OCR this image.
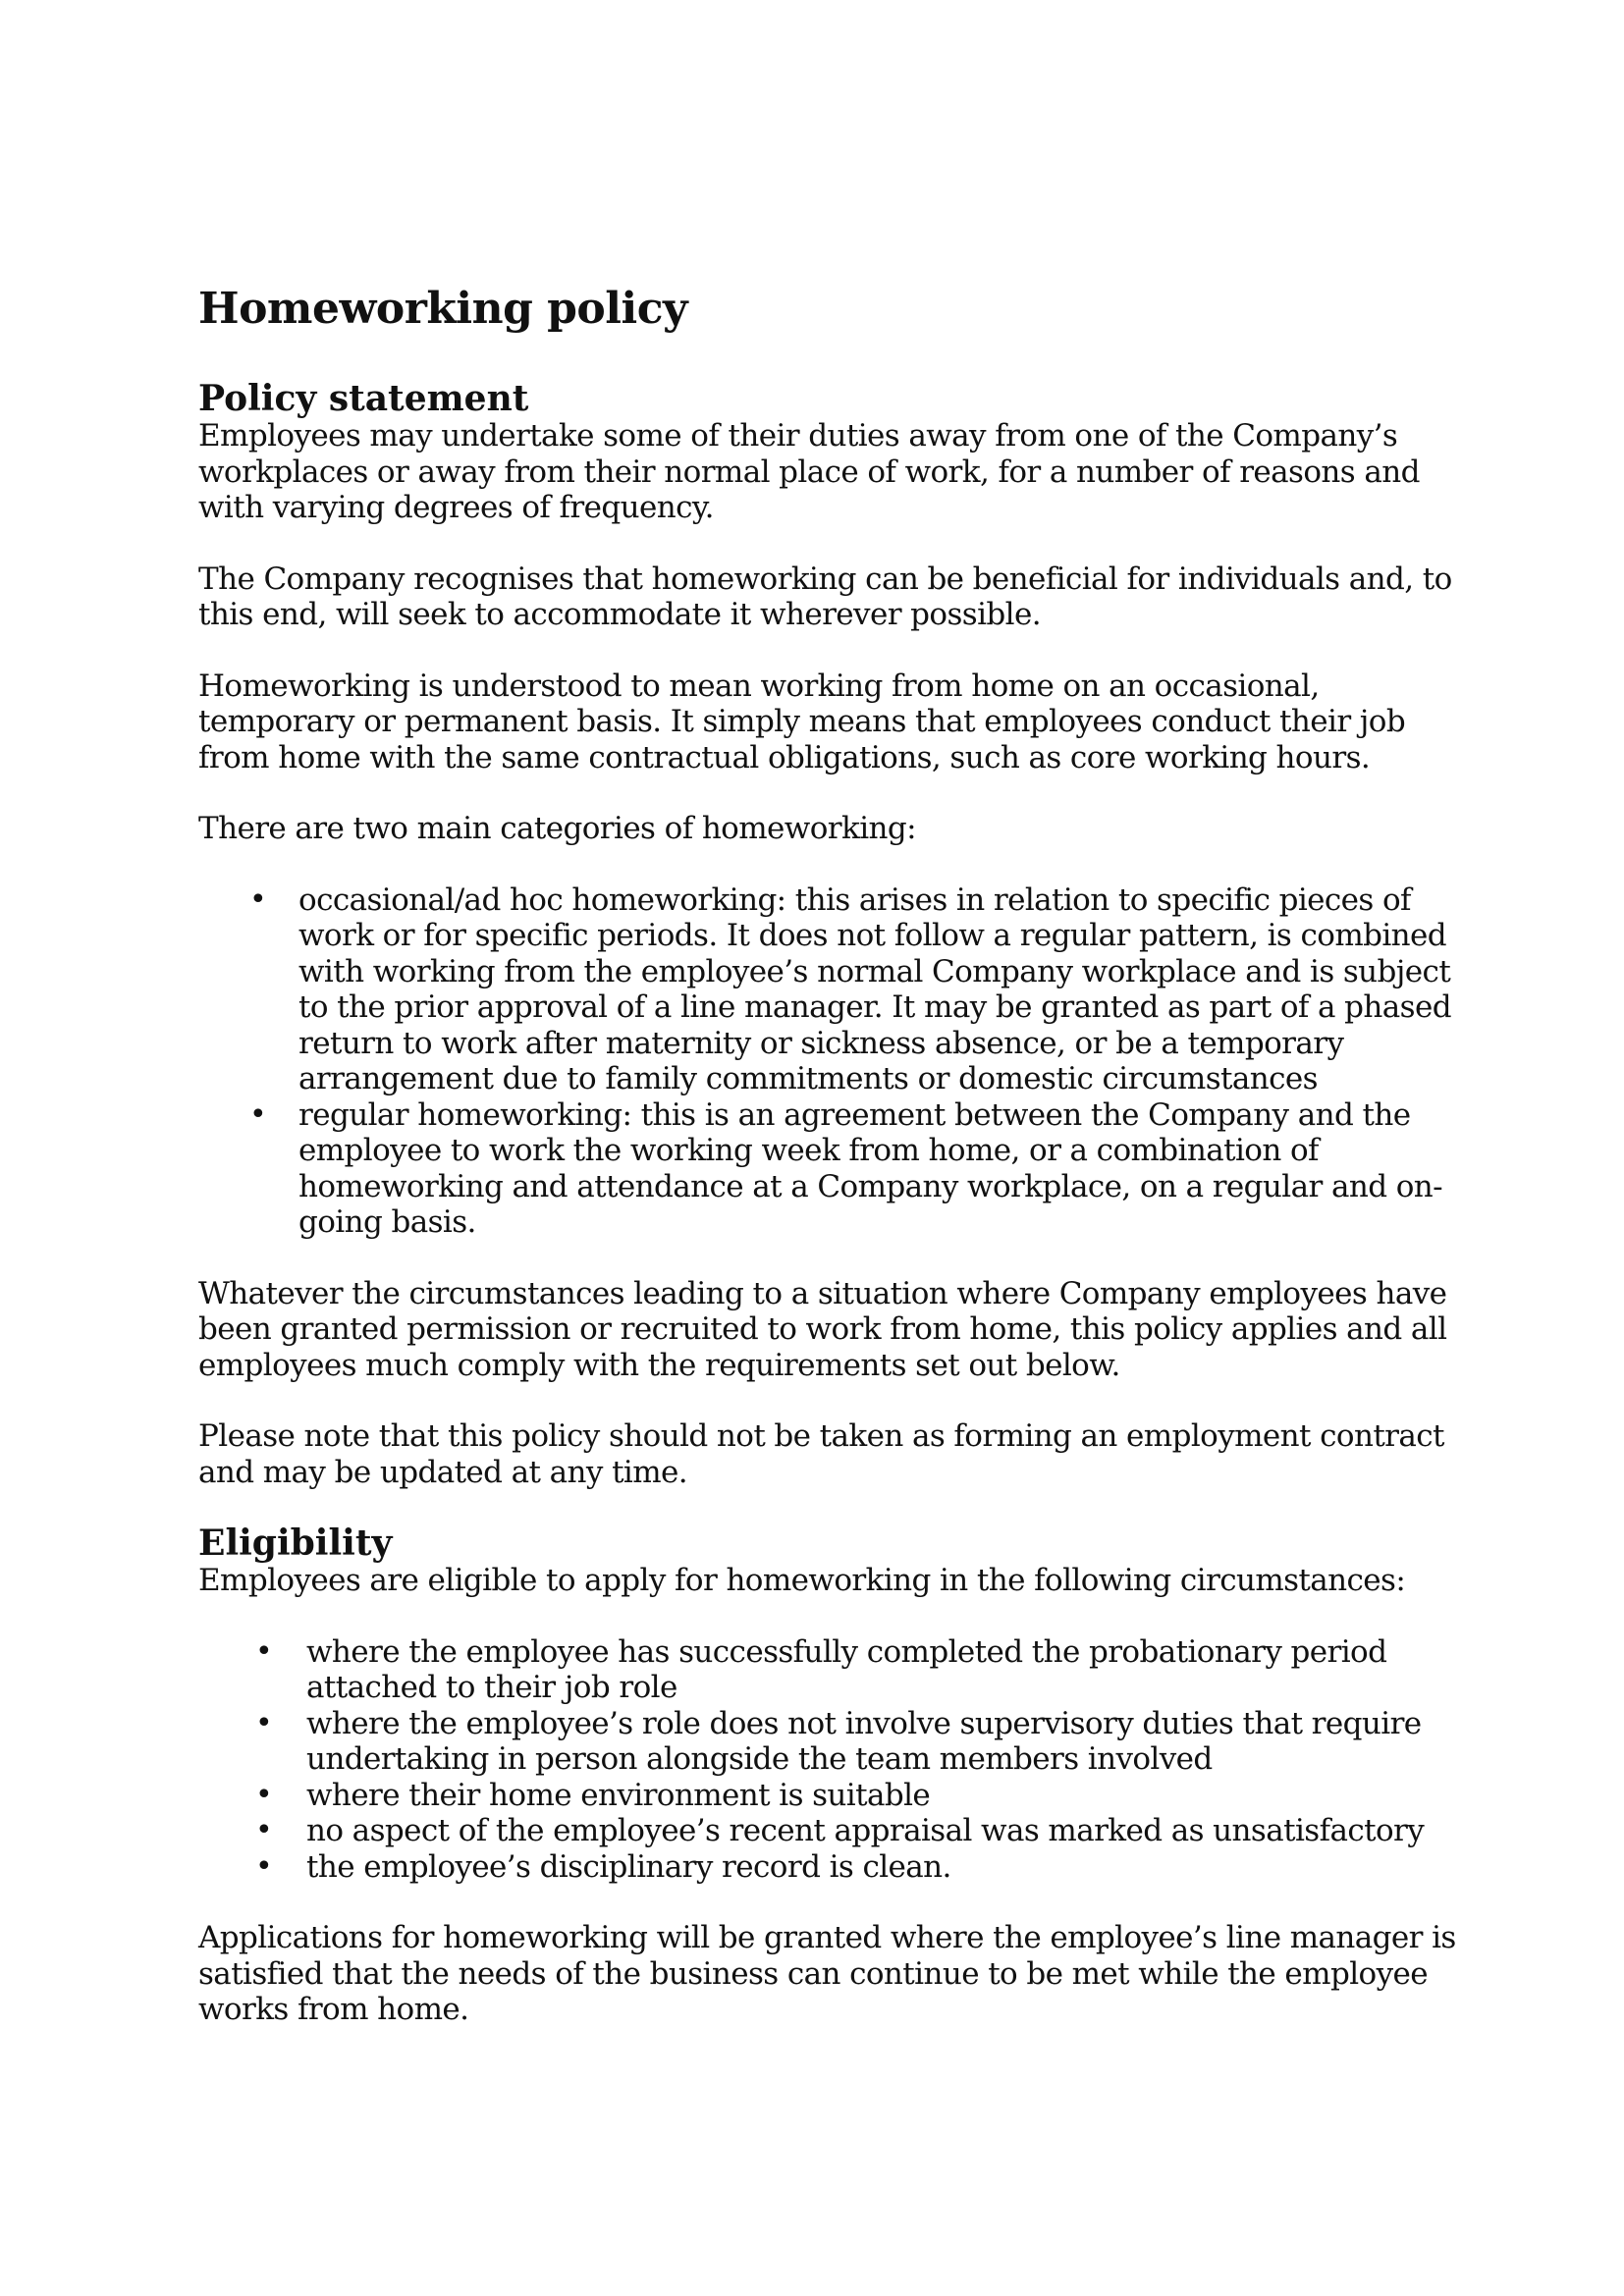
Homeworking policy
Policy statement

Employees may undertake some of their duties away from one of the Company’s workplaces or away from their normal place of work, for a number of reasons and with varying degrees of frequency.

The Company recognises that homeworking can be beneficial for individuals and, to this end, will seek to accommodate it wherever possible.

Homeworking is understood to mean working from home on an occasional, temporary or permanent basis. It simply means that employees conduct their job from home with the same contractual obligations, such as core working hours.

There are two main categories of homeworking:

•	occasional/ad hoc homeworking: this arises in relation to specific pieces of work or for specific periods. It does not follow a regular pattern, is combined with working from the employee’s normal Company workplace and is subject to the prior approval of a line manager. It may be granted as part of a phased return to work after maternity or sickness absence, or be a temporary arrangement due to family commitments or domestic circumstances
•	regular homeworking: this is an agreement between the Company and the employee to work the working week from home, or a combination of homeworking and attendance at a Company workplace, on a regular and on-going basis.

Whatever the circumstances leading to a situation where Company employees have been granted permission or recruited to work from home, this policy applies and all employees much comply with the requirements set out below.

Please note that this policy should not be taken as forming an employment contract and may be updated at any time.

Eligibility

Employees are eligible to apply for homeworking in the following circumstances:

•	where the employee has successfully completed the probationary period attached to their job role
•	where the employee’s role does not involve supervisory duties that require undertaking in person alongside the team members involved
•	where their home environment is suitable
•	no aspect of the employee’s recent appraisal was marked as unsatisfactory
•	the employee’s disciplinary record is clean.

Applications for homeworking will be granted where the employee’s line manager is satisfied that the needs of the business can continue to be met while the employee works from home.
